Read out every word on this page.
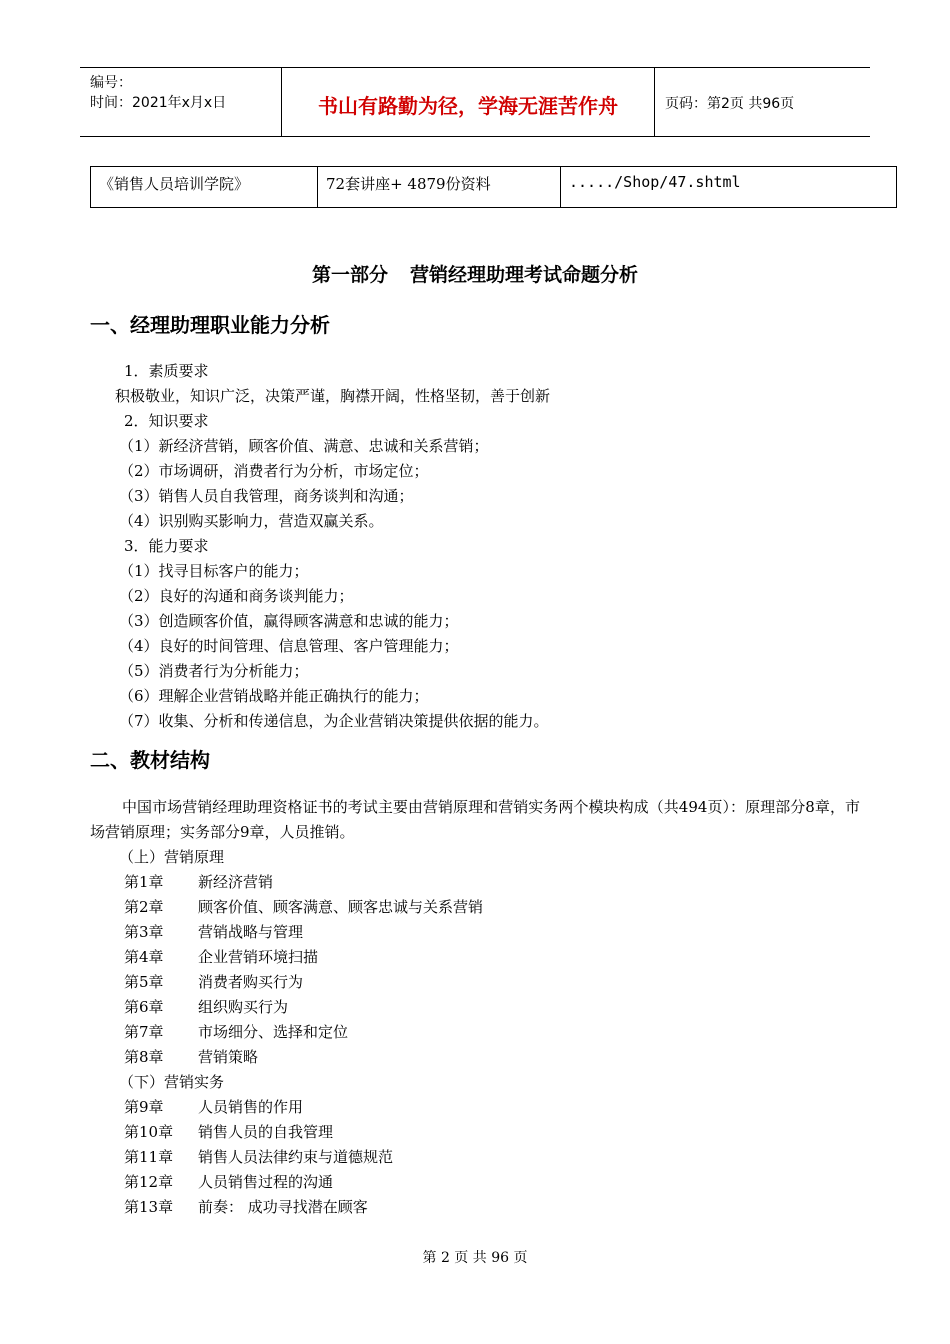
编号：
时间：2021年x月x日	书山有路勤为径，学海无涯苦作舟	页码：第2页 共96页
《销售人员培训学院》	72套讲座+ 4879份资料	...../Shop/47.shtml
第一部分 营销经理助理考试命题分析
一、经理助理职业能力分析
1．素质要求
积极敬业，知识广泛，决策严谨，胸襟开阔，性格坚韧，善于创新
2．知识要求
（1）新经济营销，顾客价值、满意、忠诚和关系营销；
（2）市场调研，消费者行为分析，市场定位；
（3）销售人员自我管理，商务谈判和沟通；
（4）识别购买影响力，营造双赢关系。
3．能力要求
（1）找寻目标客户的能力；
（2）良好的沟通和商务谈判能力；
（3）创造顾客价值，赢得顾客满意和忠诚的能力；
（4）良好的时间管理、信息管理、客户管理能力；
（5）消费者行为分析能力；
（6）理解企业营销战略并能正确执行的能力；
（7）收集、分析和传递信息，为企业营销决策提供依据的能力。
二、教材结构
中国市场营销经理助理资格证书的考试主要由营销原理和营销实务两个模块构成（共494页）：原理部分8章，市场营销原理；实务部分9章，人员推销。
（上）营销原理
第1章 新经济营销
第2章 顾客价值、顾客满意、顾客忠诚与关系营销
第3章 营销战略与管理
第4章 企业营销环境扫描
第5章 消费者购买行为
第6章 组织购买行为
第7章 市场细分、选择和定位
第8章 营销策略
（下）营销实务
第9章 人员销售的作用
第10章 销售人员的自我管理
第11章 销售人员法律约束与道德规范
第12章 人员销售过程的沟通
第13章 前奏： 成功寻找潜在顾客
第 2 页 共 96 页
